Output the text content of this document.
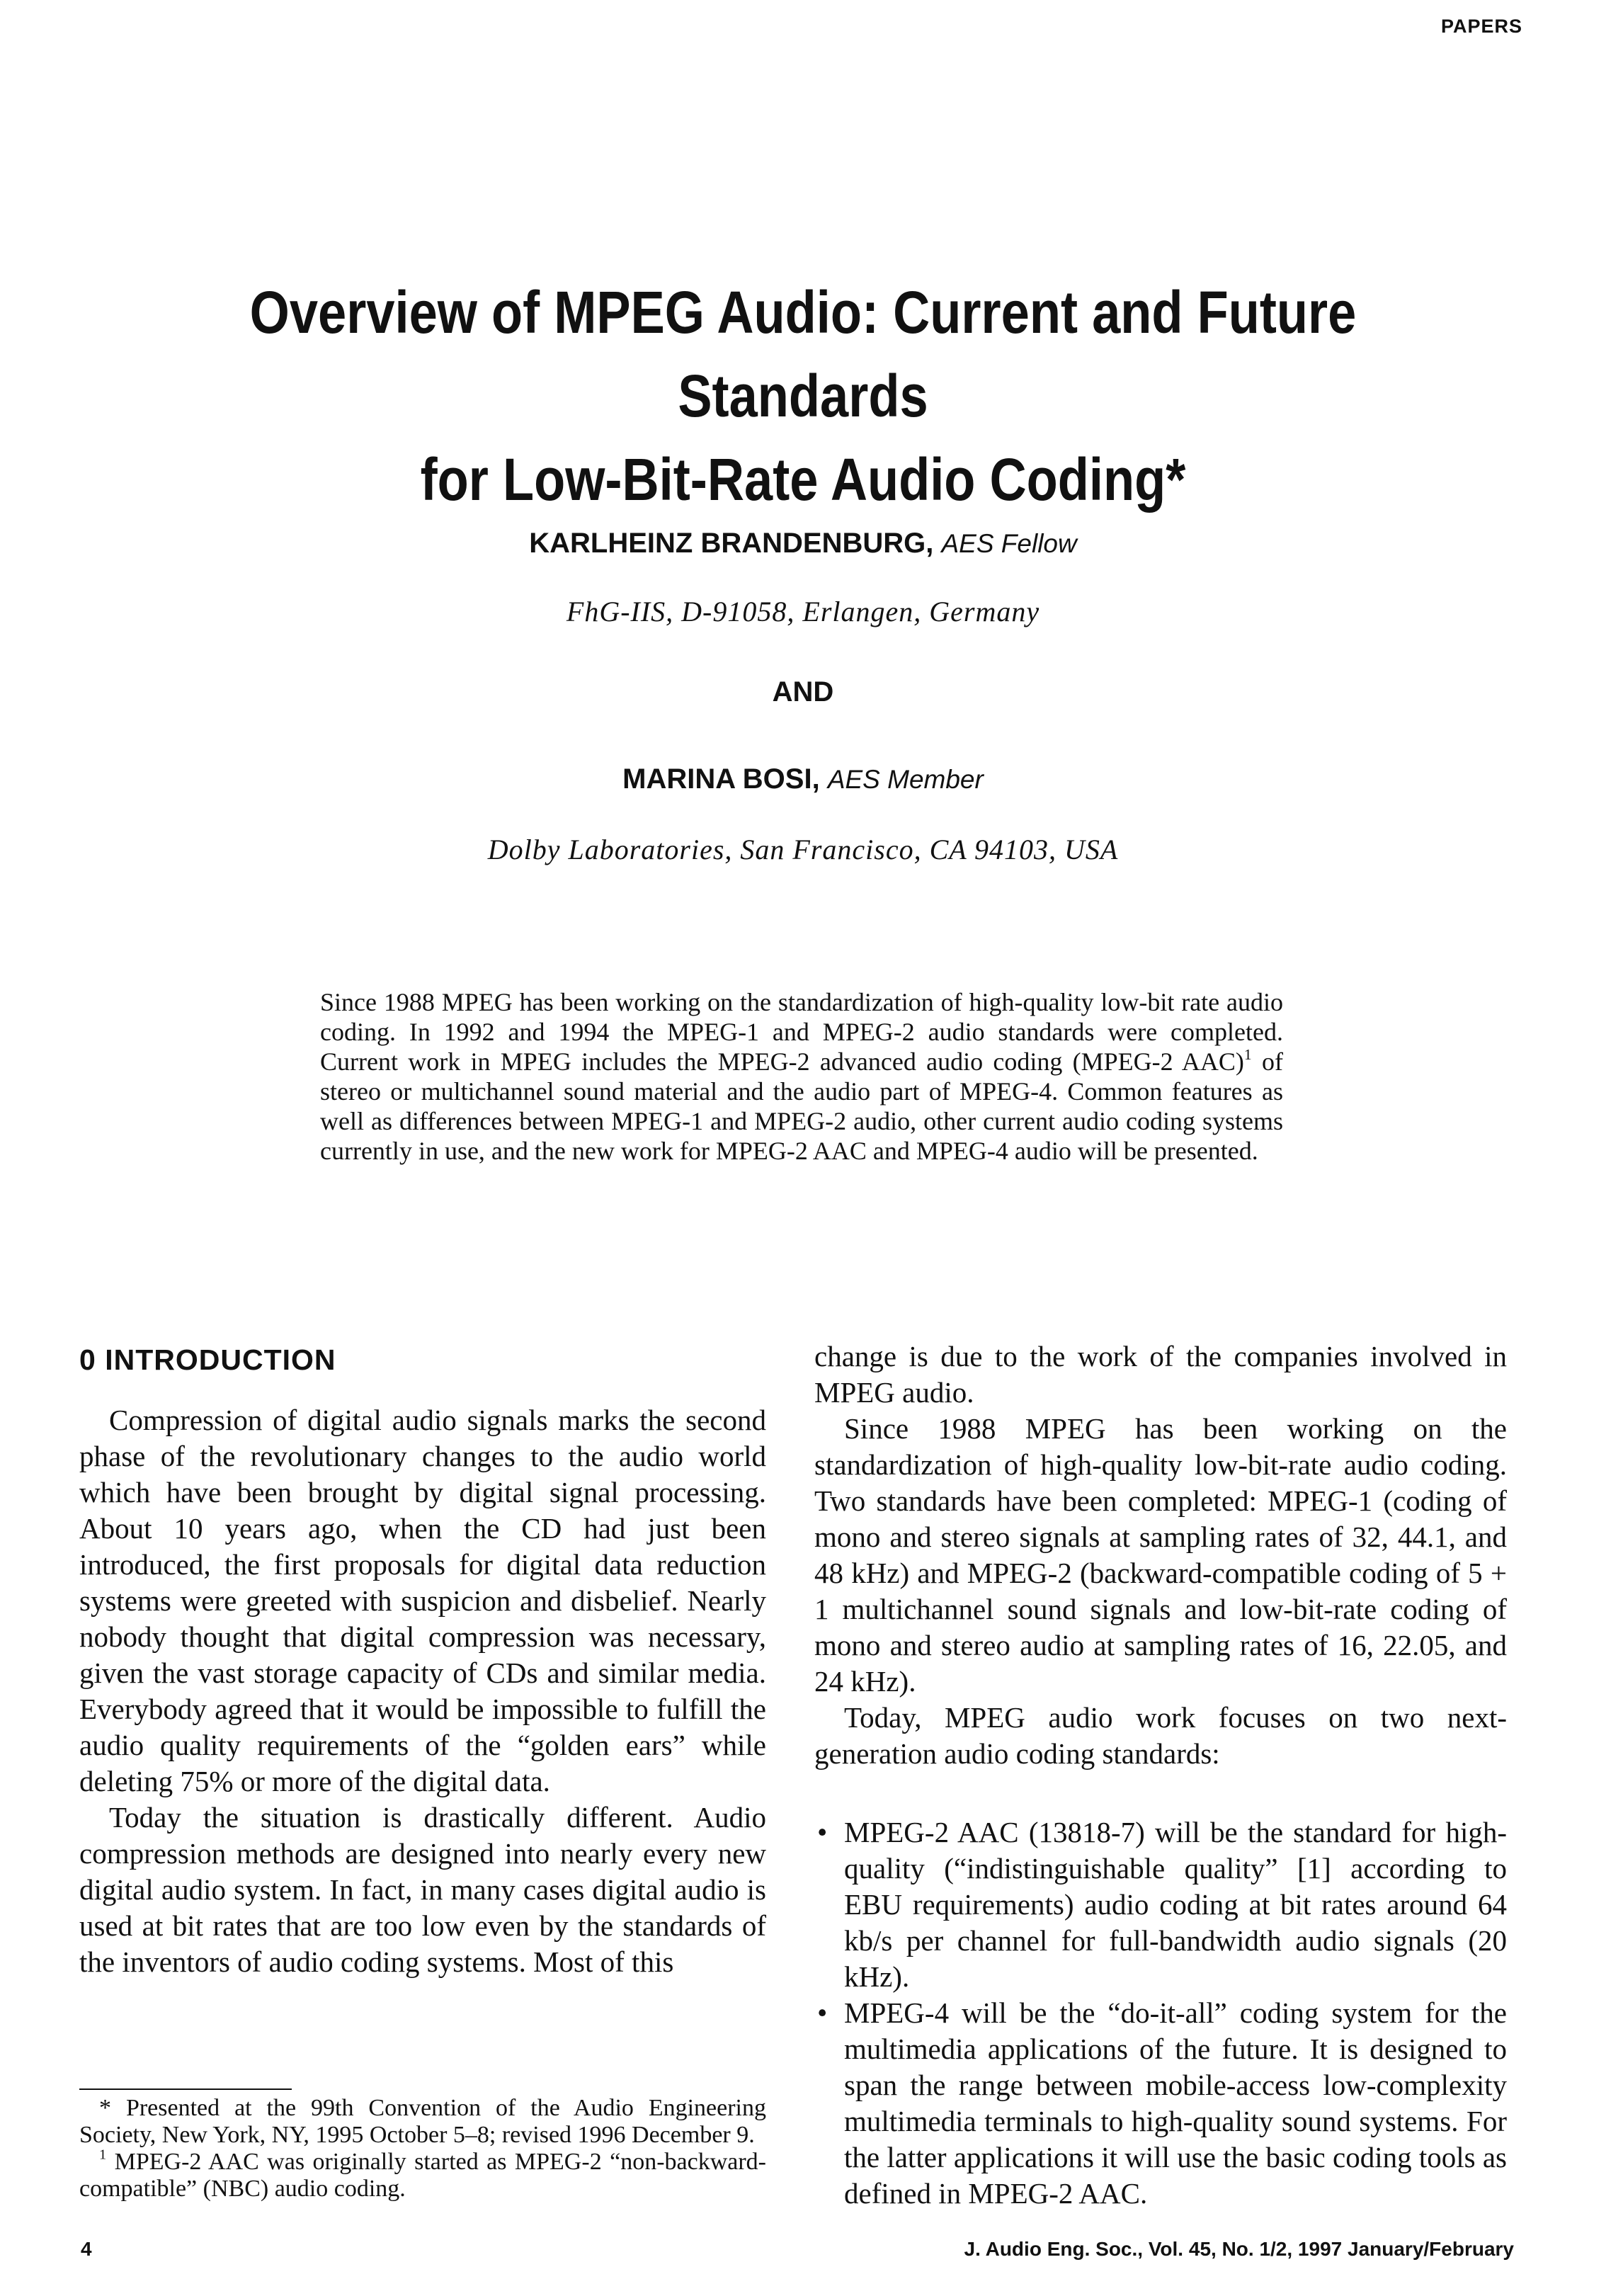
PAPERS
Overview of MPEG Audio: Current and Future Standards
for Low-Bit-Rate Audio Coding*
KARLHEINZ BRANDENBURG, AES Fellow
FhG-IIS, D-91058, Erlangen, Germany
AND
MARINA BOSI, AES Member
Dolby Laboratories, San Francisco, CA 94103, USA
Since 1988 MPEG has been working on the standardization of high-quality low-bit rate audio coding. In 1992 and 1994 the MPEG-1 and MPEG-2 audio standards were completed. Current work in MPEG includes the MPEG-2 advanced audio coding (MPEG-2 AAC)$^1$ of stereo or multichannel sound material and the audio part of MPEG-4. Common features as well as differences between MPEG-1 and MPEG-2 audio, other current audio coding systems currently in use, and the new work for MPEG-2 AAC and MPEG-4 audio will be presented.
0 INTRODUCTION

Compression of digital audio signals marks the second phase of the revolutionary changes to the audio world which have been brought by digital signal processing. About 10 years ago, when the CD had just been introduced, the first proposals for digital data reduction systems were greeted with suspicion and disbelief. Nearly nobody thought that digital compression was necessary, given the vast storage capacity of CDs and similar media. Everybody agreed that it would be impossible to fulfill the audio quality requirements of the “golden ears” while deleting 75% or more of the digital data.

Today the situation is drastically different. Audio compression methods are designed into nearly every new digital audio system. In fact, in many cases digital audio is used at bit rates that are too low even by the standards of the inventors of audio coding systems. Most of this

change is due to the work of the companies involved in MPEG audio.

Since 1988 MPEG has been working on the standardization of high-quality low-bit-rate audio coding. Two standards have been completed: MPEG-1 (coding of mono and stereo signals at sampling rates of 32, 44.1, and 48 kHz) and MPEG-2 (backward-compatible coding of 5 + 1 multichannel sound signals and low-bit-rate coding of mono and stereo audio at sampling rates of 16, 22.05, and 24 kHz).

Today, MPEG audio work focuses on two next-generation audio coding standards:

• MPEG-2 AAC (13818-7) will be the standard for high-quality (“indistinguishable quality” [1] according to EBU requirements) audio coding at bit rates around 64 kb/s per channel for full-bandwidth audio signals (20 kHz).
• MPEG-4 will be the “do-it-all” coding system for the multimedia applications of the future. It is designed to span the range between mobile-access low-complexity multimedia terminals to high-quality sound systems. For the latter applications it will use the basic coding tools as defined in MPEG-2 AAC.

* Presented at the 99th Convention of the Audio Engineering Society, New York, NY, 1995 October 5–8; revised 1996 December 9.

$^1$ MPEG-2 AAC was originally started as MPEG-2 “non-backward-compatible” (NBC) audio coding.

4	J. Audio Eng. Soc., Vol. 45, No. 1/2, 1997 January/February
